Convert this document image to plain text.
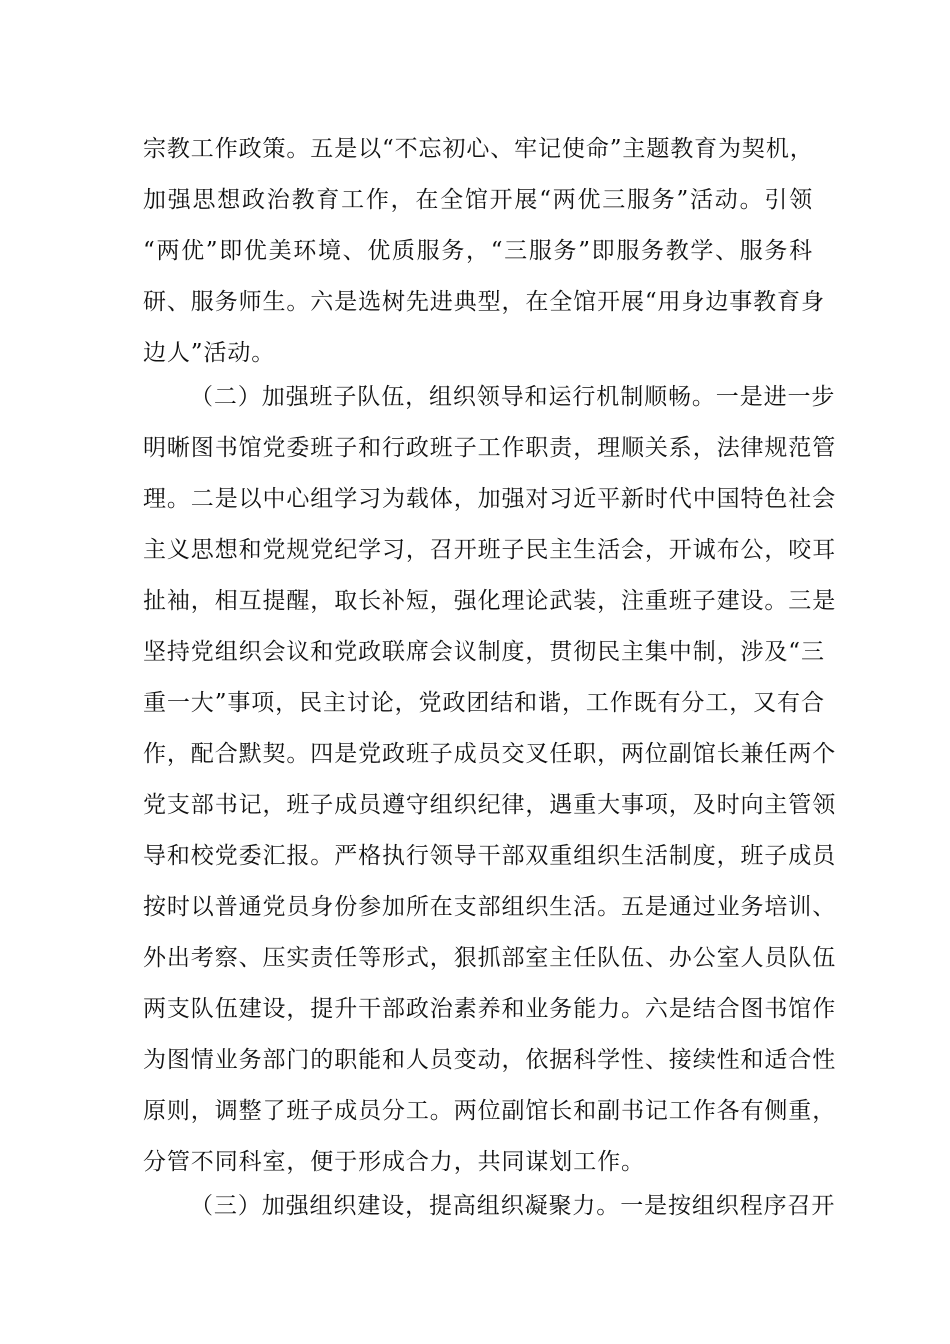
宗教工作政策。五是以“不忘初心、牢记使命”主题教育为契机，
加强思想政治教育工作，在全馆开展“两优三服务”活动。引领
“两优”即优美环境、优质服务，“三服务”即服务教学、服务科
研、服务师生。六是选树先进典型，在全馆开展“用身边事教育身
边人”活动。
（二）加强班子队伍，组织领导和运行机制顺畅。一是进一步
明晰图书馆党委班子和行政班子工作职责，理顺关系，法律规范管
理。二是以中心组学习为载体，加强对习近平新时代中国特色社会
主义思想和党规党纪学习，召开班子民主生活会，开诚布公，咬耳
扯袖，相互提醒，取长补短，强化理论武装，注重班子建设。三是
坚持党组织会议和党政联席会议制度，贯彻民主集中制，涉及“三
重一大”事项，民主讨论，党政团结和谐，工作既有分工，又有合
作，配合默契。四是党政班子成员交叉任职，两位副馆长兼任两个
党支部书记，班子成员遵守组织纪律，遇重大事项，及时向主管领
导和校党委汇报。严格执行领导干部双重组织生活制度，班子成员
按时以普通党员身份参加所在支部组织生活。五是通过业务培训、
外出考察、压实责任等形式，狠抓部室主任队伍、办公室人员队伍
两支队伍建设，提升干部政治素养和业务能力。六是结合图书馆作
为图情业务部门的职能和人员变动，依据科学性、接续性和适合性
原则，调整了班子成员分工。两位副馆长和副书记工作各有侧重，
分管不同科室，便于形成合力，共同谋划工作。
（三）加强组织建设，提高组织凝聚力。一是按组织程序召开
